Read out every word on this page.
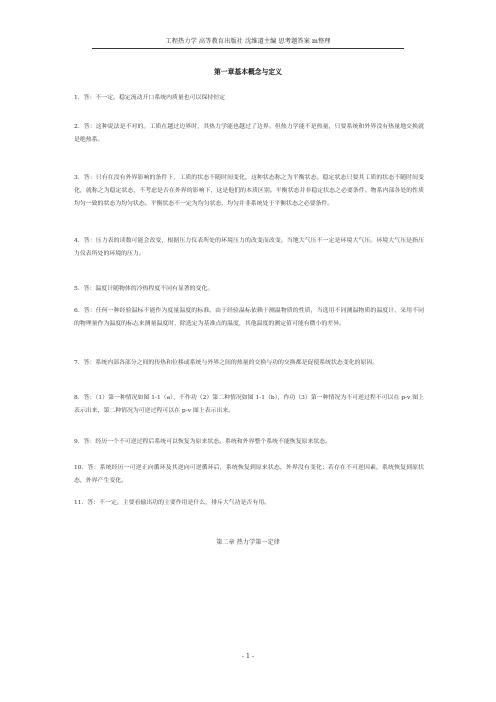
工程热力学 高等教育出版社 沈维道主编 思考题答案 m整理
第一章基本概念与定义
1．答：不一定。稳定流动开口系统内质量也可以保持恒定
2．答：这种说法是不对的。工质在越过边界时，其热力学能也越过了边界。但热力学能不是热量，只要系统和外界没有热量地交换就是绝热系。
3．答：只有在没有外界影响的条件下，工质的状态不随时间变化，这种状态称之为平衡状态。稳定状态只要其工质的状态不随时间变化，就称之为稳定状态，不考虑是否在外界的影响下，这是他们的本质区别。平衡状态并非稳定状态之必要条件。物系内部各处的性质均匀一致的状态为均匀状态。平衡状态不一定为均匀状态，均匀并非系统处于平衡状态之必要条件。
4．答：压力表的读数可能会改变，根据压力仪表所处的环境压力的改变而改变。当地大气压不一定是环境大气压。环境大气压是指压力仪表所处的环境的压力。
5．答：温度计随物体的冷热程度不同有显著的变化。
6．答：任何一种经验温标不能作为度量温度的标准。由于经验温标依赖于测温物质的性质，当选用不同测温物质的温度计、采用不同的物理量作为温度的标志来测量温度时，除选定为基准点的温度，其他温度的测定值可能有微小的差异。
7．答：系统内部各部分之间的传热和位移或系统与外界之间的热量的交换与功的交换都是促使系统状态变化的原因。
8．答：（1）第一种情况如图 1-1（a），不作功（2）第二种情况如图 1-1（b），作功（3）第一种情况为不可逆过程不可以在 p-v 图上表示出来，第二种情况为可逆过程可以在 p-v 图上表示出来。
9．答：经历一个不可逆过程后系统可以恢复为原来状态。系统和外界整个系统不能恢复原来状态。
10．答：系统经历一可逆正向循环及其逆向可逆循环后，系统恢复到原来状态，外界没有变化；若存在不可逆因素，系统恢复到原状态，外界产生变化。
11．答：不一定。主要看输出功的主要作用是什么，排斥大气功是否有用。
第二章 热力学第一定律
- 1 -
